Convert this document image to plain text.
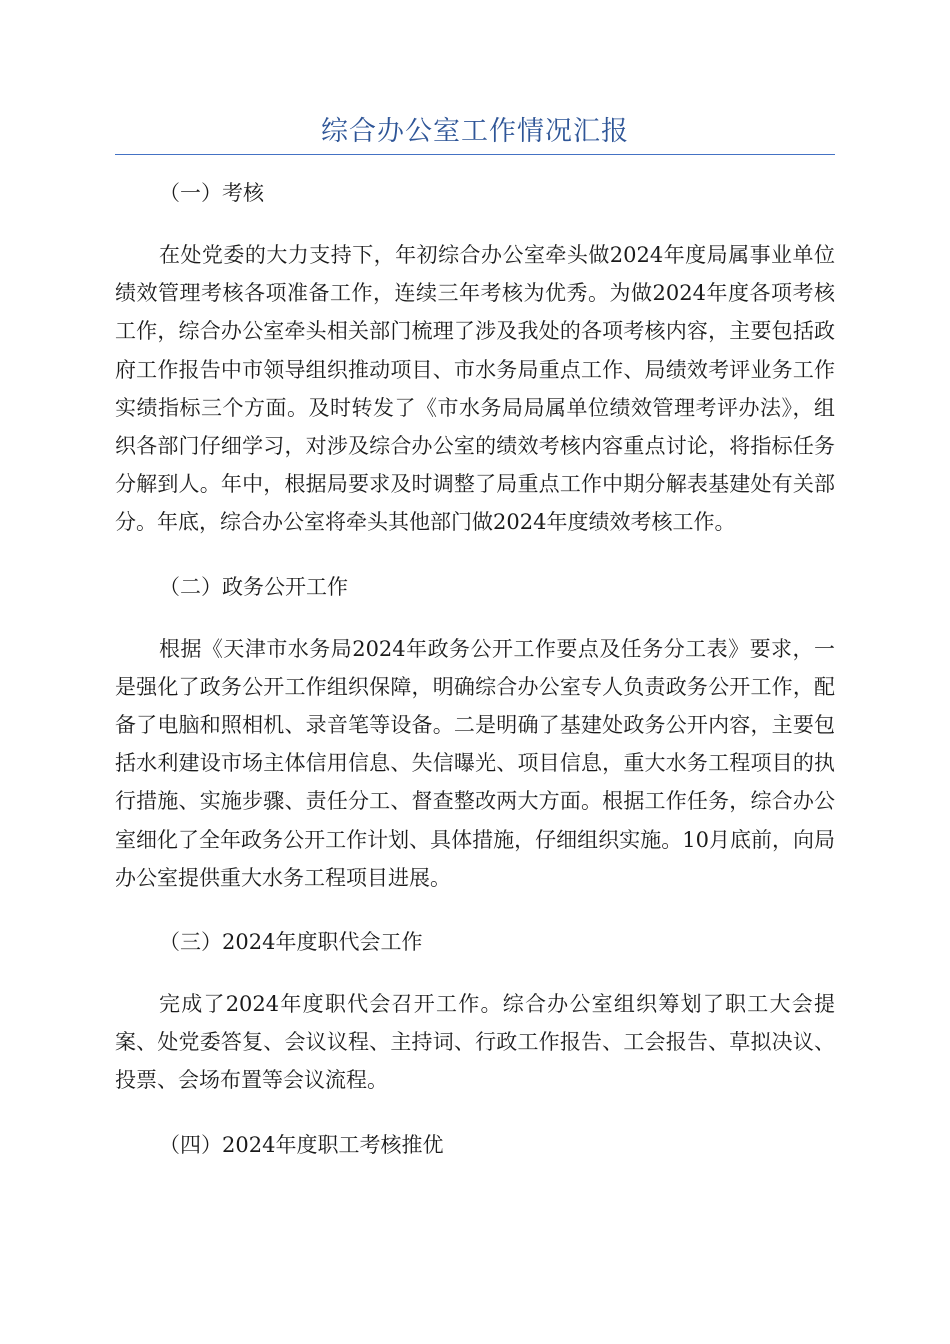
综合办公室工作情况汇报

（一）考核

在处党委的大力支持下，年初综合办公室牵头做2024年度局属事业单位绩效管理考核各项准备工作，连续三年考核为优秀。为做2024年度各项考核工作，综合办公室牵头相关部门梳理了涉及我处的各项考核内容，主要包括政府工作报告中市领导组织推动项目、市水务局重点工作、局绩效考评业务工作实绩指标三个方面。及时转发了《市水务局局属单位绩效管理考评办法》，组织各部门仔细学习，对涉及综合办公室的绩效考核内容重点讨论，将指标任务分解到人。年中，根据局要求及时调整了局重点工作中期分解表基建处有关部分。年底，综合办公室将牵头其他部门做2024年度绩效考核工作。

（二）政务公开工作

根据《天津市水务局2024年政务公开工作要点及任务分工表》要求，一是强化了政务公开工作组织保障，明确综合办公室专人负责政务公开工作，配备了电脑和照相机、录音笔等设备。二是明确了基建处政务公开内容，主要包括水利建设市场主体信用信息、失信曝光、项目信息，重大水务工程项目的执行措施、实施步骤、责任分工、督查整改两大方面。根据工作任务，综合办公室细化了全年政务公开工作计划、具体措施，仔细组织实施。10月底前，向局办公室提供重大水务工程项目进展。

（三）2024年度职代会工作

完成了2024年度职代会召开工作。综合办公室组织筹划了职工大会提案、处党委答复、会议议程、主持词、行政工作报告、工会报告、草拟决议、投票、会场布置等会议流程。

（四）2024年度职工考核推优
